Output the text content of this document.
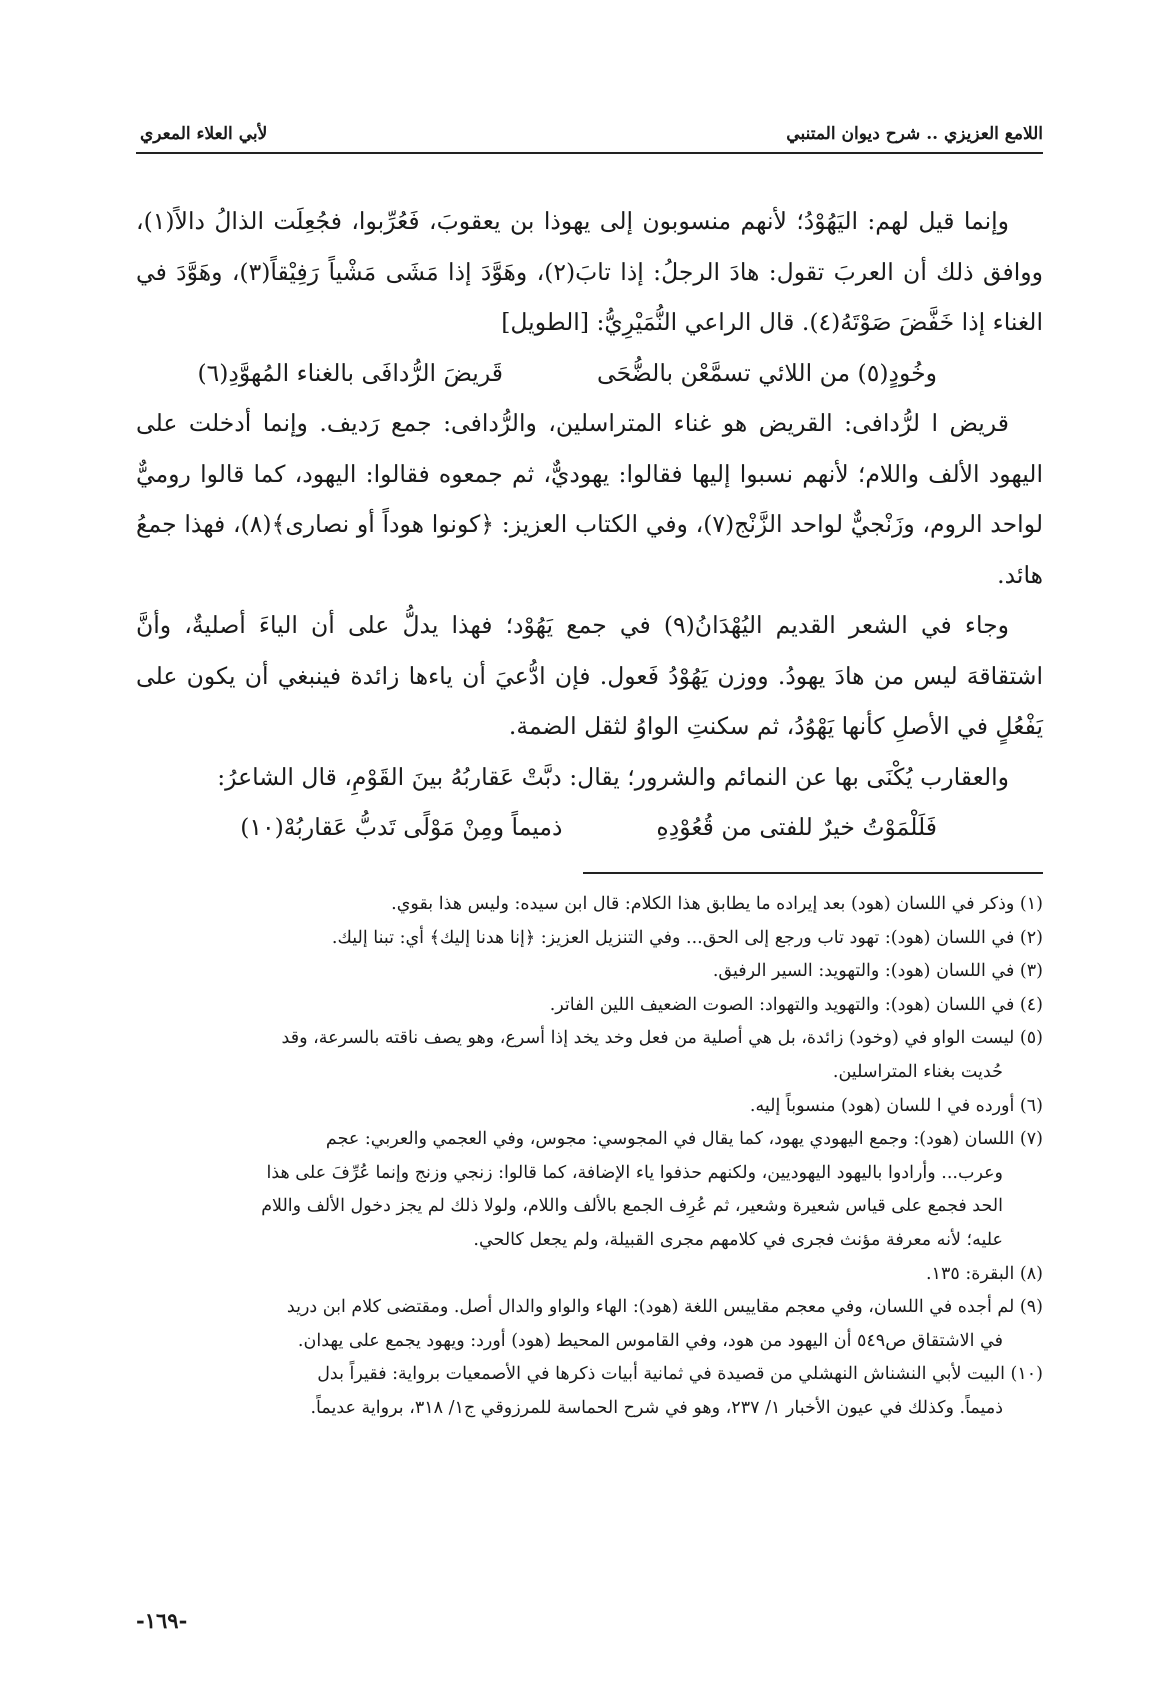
اللامع العزيزي .. شرح ديوان المتنبي
لأبي العلاء المعري

وإنما قيل لهم: اليَهُوْدُ؛ لأنهم منسوبون إلى يهوذا بن يعقوبَ، فَعُرِّبوا، فجُعِلَت الذالُ دالاً(١)، ووافق ذلك أن العربَ تقول: هادَ الرجلُ: إذا تابَ(٢)، وهَوَّدَ إذا مَشَى مَشْياً رَفِيْقاً(٣)، وهَوَّدَ في الغناء إذا خَفَّضَ صَوْتَهُ(٤). قال الراعي النُّمَيْرِيُّ: [الطويل]

وخُودٍ(٥) من اللائي تسمَّعْن بالضُّحَى
قَريضَ الرُّدافَى بالغناء المُهوَّدِ(٦)

قريض ا لرُّدافى: القريض هو غناء المتراسلين، والرُّدافى: جمع رَديف. وإنما أدخلت على اليهود الألف واللام؛ لأنهم نسبوا إليها فقالوا: يهوديٌّ، ثم جمعوه فقالوا: اليهود، كما قالوا روميٌّ لواحد الروم، وزَنْجيٌّ لواحد الزَّنْج(٧)، وفي الكتاب العزيز: ﴿كونوا هوداً أو نصارى﴾(٨)، فهذا جمعُ هائد.

وجاء في الشعر القديم اليُهْدَانُ(٩) في جمع يَهُوْد؛ فهذا يدلُّ على أن الياءَ أصليةٌ، وأنَّ اشتقاقهَ ليس من هادَ يهودُ. ووزن يَهُوْدُ فَعول. فإن ادُّعيَ أن ياءها زائدة فينبغي أن يكون على يَفْعُلٍ في الأصلِ كأنها يَهْوُدُ، ثم سكنتِ الواوُ لثقل الضمة.

والعقارب يُكْنَى بها عن النمائم والشرور؛ يقال: دبَّتْ عَقاربُهُ بينَ القَوْمِ، قال الشاعرُ:

فَلَلْمَوْتُ خيرٌ للفتى من قُعُوْدِهِ
ذميماً ومِنْ مَوْلًى تَدبُّ عَقاربُهْ(١٠)

(١) وذكر في اللسان (هود) بعد إيراده ما يطابق هذا الكلام: قال ابن سيده: وليس هذا بقوي.

(٢) في اللسان (هود): تهود تاب ورجع إلى الحق... وفي التنزيل العزيز: ﴿إنا هدنا إليك﴾ أي: تبنا إليك.

(٣) في اللسان (هود): والتهويد: السير الرفيق.

(٤) في اللسان (هود): والتهويد والتهواد: الصوت الضعيف اللين الفاتر.

(٥) ليست الواو في (وخود) زائدة، بل هي أصلية من فعل وخد يخد إذا أسرع، وهو يصف ناقته بالسرعة، وقد
حُديت بغناء المتراسلين.

(٦) أورده في ا للسان (هود) منسوباً إليه.

(٧) اللسان (هود): وجمع اليهودي يهود، كما يقال في المجوسي: مجوس، وفي العجمي والعربي: عجم
وعرب... وأرادوا باليهود اليهوديين، ولكنهم حذفوا ياء الإضافة، كما قالوا: زنجي وزنج وإنما عُرِّفَ على هذا
الحد فجمع على قياس شعيرة وشعير، ثم عُرِف الجمع بالألف واللام، ولولا ذلك لم يجز دخول الألف واللام
عليه؛ لأنه معرفة مؤنث فجرى في كلامهم مجرى القبيلة، ولم يجعل كالحي.

(٨) البقرة: ١٣٥.

(٩) لم أجده في اللسان، وفي معجم مقاييس اللغة (هود): الهاء والواو والدال أصل. ومقتضى كلام ابن دريد
في الاشتقاق ص٥٤٩ أن اليهود من هود، وفي القاموس المحيط (هود) أورد: ويهود يجمع على يهدان.

(١٠) البيت لأبي النشناش النهشلي من قصيدة في ثمانية أبيات ذكرها في الأصمعيات برواية: فقيراً بدل
ذميماً. وكذلك في عيون الأخبار ١/ ٢٣٧، وهو في شرح الحماسة للمرزوقي ج١/ ٣١٨، برواية عديماً.

-١٦٩-
